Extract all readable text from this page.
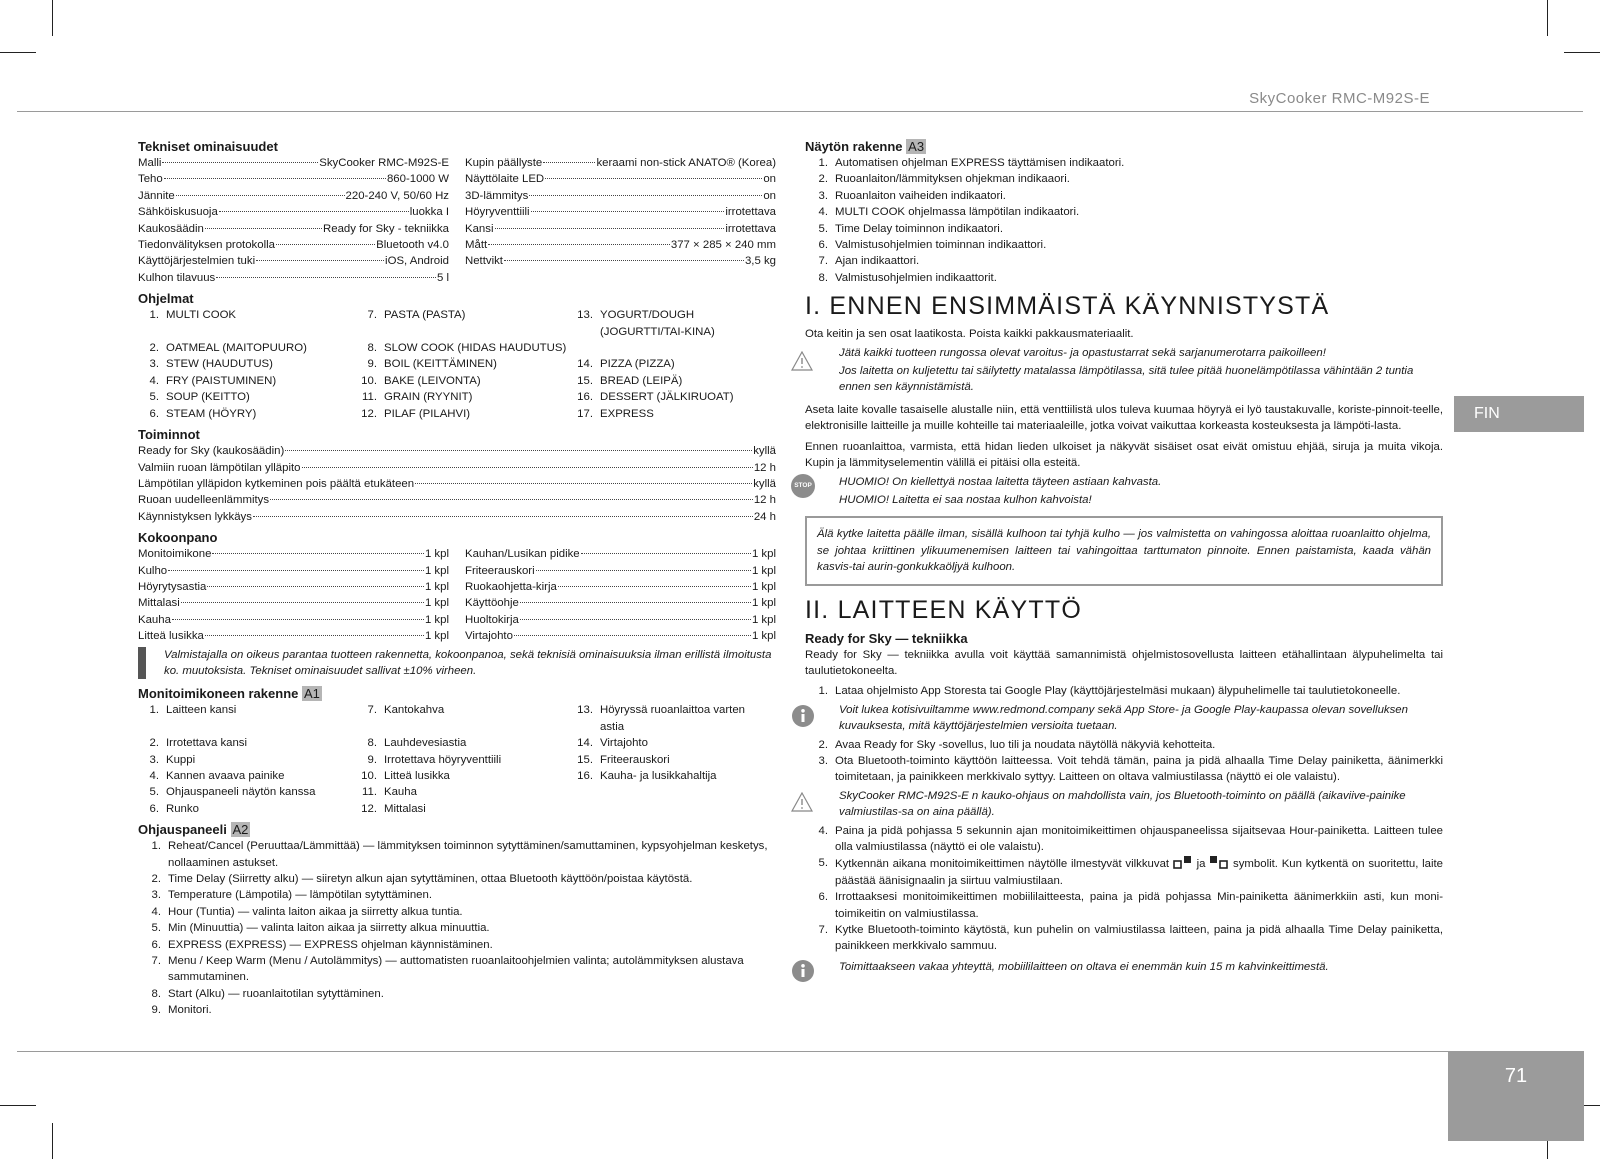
SkyCooker RMC-M92S-E
FIN
71
Tekniset ominaisuudet
Malli	SkyCooker RMC-M92S-E
Teho	860-1000 W
Jännite	220-240 V, 50/60 Hz
Sähköiskusuoja	luokka I
Kaukosäädin	Ready for Sky - tekniikka
Tiedonvälityksen protokolla	Bluetooth v4.0
Käyttöjärjestelmien tuki	iOS, Android
Kulhon tilavuus	5 l
Kupin päällyste	keraami non-stick ANATO® (Korea)
Näyttölaite LED	on
3D-lämmitys	on
Höyryventtiili	irrotettava
Kansi	irrotettava
Mått	377 × 285 × 240 mm
Nettvikt	3,5 kg
Ohjelmat
1. MULTI COOK	7. PASTA (PASTA)	13. YOGURT/DOUGH (JOGURTTI/TAI-KINA)
2. OATMEAL (MAITOPUURO)	8. SLOW COOK (HIDAS HAUDUTUS)
3. STEW (HAUDUTUS)	9. BOIL (KEITTÄMINEN)	14. PIZZA (PIZZA)
4. FRY (PAISTUMINEN)	10. BAKE (LEIVONTA)	15. BREAD (LEIPÄ)
5. SOUP (KEITTO)	11. GRAIN (RYYNIT)	16. DESSERT (JÄLKIRUOAT)
6. STEAM (HÖYRY)	12. PILAF (PILAHVI)	17. EXPRESS
Toiminnot
Ready for Sky (kaukosäädin)	kyllä
Valmiin ruoan lämpötilan ylläpito	12 h
Lämpötilan ylläpidon kytkeminen pois päältä etukäteen	kyllä
Ruoan uudelleenlämmitys	12 h
Käynnistyksen lykkäys	24 h
Kokoonpano
Monitoimikone	1 kpl
Kulho	1 kpl
Höyrytysastia	1 kpl
Mittalasi	1 kpl
Kauha	1 kpl
Litteä lusikka	1 kpl
Kauhan/Lusikan pidike	1 kpl
Friteerauskori	1 kpl
Ruokaohjetta-kirja	1 kpl
Käyttöohje	1 kpl
Huoltokirja	1 kpl
Virtajohto	1 kpl
Valmistajalla on oikeus parantaa tuotteen rakennetta, kokoonpanoa, sekä teknisiä ominaisuuksia ilman erillistä ilmoitusta ko. muutoksista. Tekniset ominaisuudet sallivat ±10% virheen.
Monitoimikoneen rakenne A1
1. Laitteen kansi	7. Kantokahva	13. Höyryssä ruoanlaittoa varten astia
2. Irrotettava kansi	8. Lauhdevesiastia	14. Virtajohto
3. Kuppi	9. Irrotettava höyryventtiili	15. Friteerauskori
4. Kannen avaava painike	10. Litteä lusikka	16. Kauha- ja lusikkahaltija
5. Ohjauspaneeli näytön kanssa	11. Kauha
6. Runko	12. Mittalasi
Ohjauspaneeli A2
1. Reheat/Cancel (Peruuttaa/Lämmittää) — lämmityksen toiminnon sytyttäminen/samuttaminen, kypsyohjelman kesketys, nollaaminen astukset.
2. Time Delay (Siirretty alku) — siiretyn alkun ajan sytyttäminen, ottaa Bluetooth käyttöön/poistaa käytöstä.
3. Temperature (Lämpotila) — lämpötilan sytyttäminen.
4. Hour (Tuntia) — valinta laiton aikaa ja siirretty alkua tuntia.
5. Min (Minuuttia) — valinta laiton aikaa ja siirretty alkua minuuttia.
6. EXPRESS (EXPRESS) — EXPRESS ohjelman käynnistäminen.
7. Menu / Keep Warm (Menu / Autolämmitys) — auttomatisten ruoanlaitoohjelmien valinta; autolämmityksen alustava sammutaminen.
8. Start (Alku) — ruoanlaitotilan sytyttäminen.
9. Monitori.
Näytön rakenne A3
1. Automatisen ohjelman EXPRESS täyttämisen indikaatori.
2. Ruoanlaiton/lämmityksen ohjekman indikaaori.
3. Ruoanlaiton vaiheiden indikaatori.
4. MULTI COOK ohjelmassa lämpötilan indikaatori.
5. Time Delay toiminnon indikaatori.
6. Valmistusohjelmien toiminnan indikaattori.
7. Ajan indikaattori.
8. Valmistusohjelmien indikaattorit.
I. ENNEN ENSIMMÄISTÄ KÄYNNISTYSTÄ
Ota keitin ja sen osat laatikosta. Poista kaikki pakkausmateriaalit.
Jätä kaikki tuotteen rungossa olevat varoitus- ja opastustarrat sekä sarjanumerotarra paikoilleen!
Jos laitetta on kuljetettu tai säilytetty matalassa lämpötilassa, sitä tulee pitää huonelämpötilassa vähintään 2 tuntia ennen sen käynnistämistä.
Aseta laite kovalle tasaiselle alustalle niin, että venttiilistä ulos tuleva kuumaa höyryä ei lyö taustakuvalle, koriste-pinnoit-teelle, elektronisille laitteille ja muille kohteille tai materiaaleille, jotka voivat vaikuttaa korkeasta kosteuksesta ja lämpöti-lasta.
Ennen ruoanlaittoa, varmista, että hidan lieden ulkoiset ja näkyvät sisäiset osat eivät omistuu ehjää, siruja ja muita vikoja. Kupin ja lämmityselementin välillä ei pitäisi olla esteitä.
STOP HUOMIO! On kiellettyä nostaa laitetta täyteen astiaan kahvasta.
HUOMIO! Laitetta ei saa nostaa kulhon kahvoista!
Älä kytke laitetta päälle ilman, sisällä kulhoon tai tyhjä kulho — jos valmistetta on vahingossa aloittaa ruoanlaitto ohjelma, se johtaa kriittinen ylikuumenemisen laitteen tai vahingoittaa tarttumaton pinnoite. Ennen paistamista, kaada vähän kasvis-tai aurin-gonkukkaöljyä kulhoon.
II. LAITTEEN KÄYTTÖ
Ready for Sky — tekniikka
Ready for Sky — tekniikka avulla voit käyttää samannimistä ohjelmistosovellusta laitteen etähallintaan älypuhelimelta tai taulutietokoneelta.
1. Lataa ohjelmisto App Storesta tai Google Play (käyttöjärjestelmäsi mukaan) älypuhelimelle tai taulutietokoneelle.
Voit lukea kotisivuiltamme www.redmond.company sekä App Store- ja Google Play-kaupassa olevan sovelluksen kuvauksesta, mitä käyttöjärjestelmien versioita tuetaan.
2. Avaa Ready for Sky -sovellus, luo tili ja noudata näytöllä näkyviä kehotteita.
3. Ota Bluetooth-toiminto käyttöön laitteessa. Voit tehdä tämän, paina ja pidä alhaalla Time Delay painiketta, äänimerkki toimitetaan, ja painikkeen merkkivalo syttyy. Laitteen on oltava valmiustilassa (näyttö ei ole valaistu).
SkyCooker RMC-M92S-E n kauko-ohjaus on mahdollista vain, jos Bluetooth-toiminto on päällä (aikaviive-painike valmiustilas-sa on aina päällä).
4. Paina ja pidä pohjassa 5 sekunnin ajan monitoimikeittimen ohjauspaneelissa sijaitsevaa Hour-painiketta. Laitteen tulee olla valmiustilassa (näyttö ei ole valaistu).
5. Kytkennän aikana monitoimikeittimen näytölle ilmestyvät vilkkuvat ja symbolit. Kun kytkentä on suoritettu, laite päästää äänisignaalin ja siirtuu valmiustilaan.
6. Irrottaaksesi monitoimikeittimen mobiililaitteesta, paina ja pidä pohjassa Min-painiketta äänimerkkiin asti, kun moni-toimikeitin on valmiustilassa.
7. Kytke Bluetooth-toiminto käytöstä, kun puhelin on valmiustilassa laitteen, paina ja pidä alhaalla Time Delay painiketta, painikkeen merkkivalo sammuu.
Toimittaakseen vakaa yhteyttä, mobiililaitteen on oltava ei enemmän kuin 15 m kahvinkeittimestä.
